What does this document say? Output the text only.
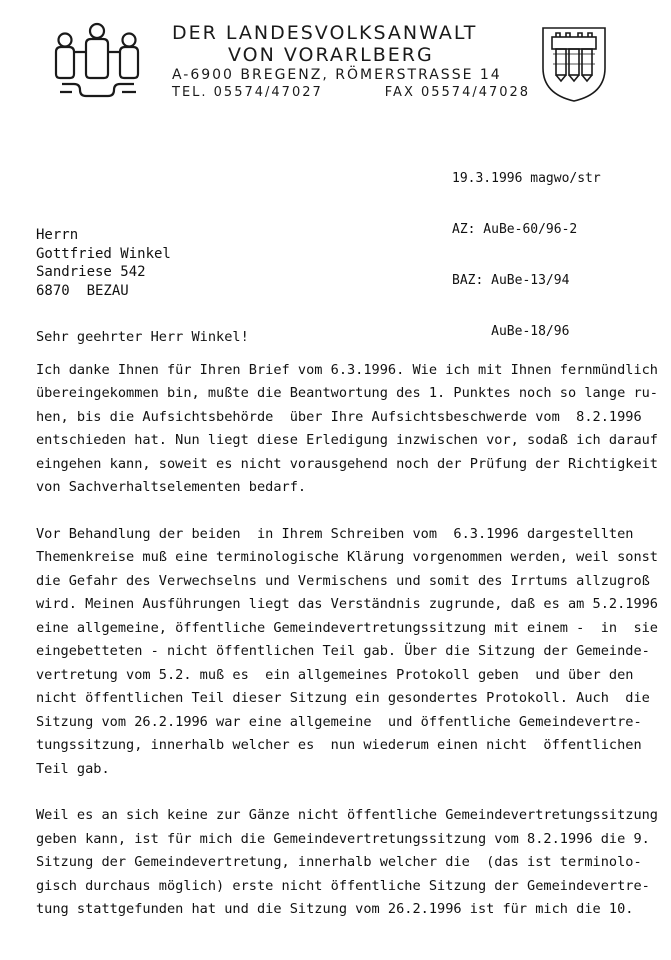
DER LANDESVOLKSANWALT
VON VORARLBERG
A-6900 BREGENZ, RÖMERSTRASSE 14
TEL. 05574/47027	FAX 05574/47028

19.3.1996 magwo/str

AZ: AuBe-60/96-2

BAZ: AuBe-13/94

AuBe-18/96

Herrn
Gottfried Winkel
Sandriese 542
6870  BEZAU
Sehr geehrter Herr Winkel!
Ich danke Ihnen für Ihren Brief vom 6.3.1996. Wie ich mit Ihnen fernmündlich
übereingekommen bin, mußte die Beantwortung des 1. Punktes noch so lange ru-
hen, bis die Aufsichtsbehörde  über Ihre Aufsichtsbeschwerde vom  8.2.1996
entschieden hat. Nun liegt diese Erledigung inzwischen vor, sodaß ich darauf
eingehen kann, soweit es nicht vorausgehend noch der Prüfung der Richtigkeit
von Sachverhaltselementen bedarf.
Vor Behandlung der beiden  in Ihrem Schreiben vom  6.3.1996 dargestellten
Themenkreise muß eine terminologische Klärung vorgenommen werden, weil sonst
die Gefahr des Verwechselns und Vermischens und somit des Irrtums allzugroß
wird. Meinen Ausführungen liegt das Verständnis zugrunde, daß es am 5.2.1996
eine allgemeine, öffentliche Gemeindevertretungssitzung mit einem -  in  sie
eingebetteten - nicht öffentlichen Teil gab. Über die Sitzung der Gemeinde-
vertretung vom 5.2. muß es  ein allgemeines Protokoll geben  und über den
nicht öffentlichen Teil dieser Sitzung ein gesondertes Protokoll. Auch  die
Sitzung vom 26.2.1996 war eine allgemeine  und öffentliche Gemeindevertre-
tungssitzung, innerhalb welcher es  nun wiederum einen nicht  öffentlichen
Teil gab.
Weil es an sich keine zur Gänze nicht öffentliche Gemeindevertretungssitzung
geben kann, ist für mich die Gemeindevertretungssitzung vom 8.2.1996 die 9.
Sitzung der Gemeindevertretung, innerhalb welcher die  (das ist terminolo-
gisch durchaus möglich) erste nicht öffentliche Sitzung der Gemeindevertre-
tung stattgefunden hat und die Sitzung vom 26.2.1996 ist für mich die 10.
